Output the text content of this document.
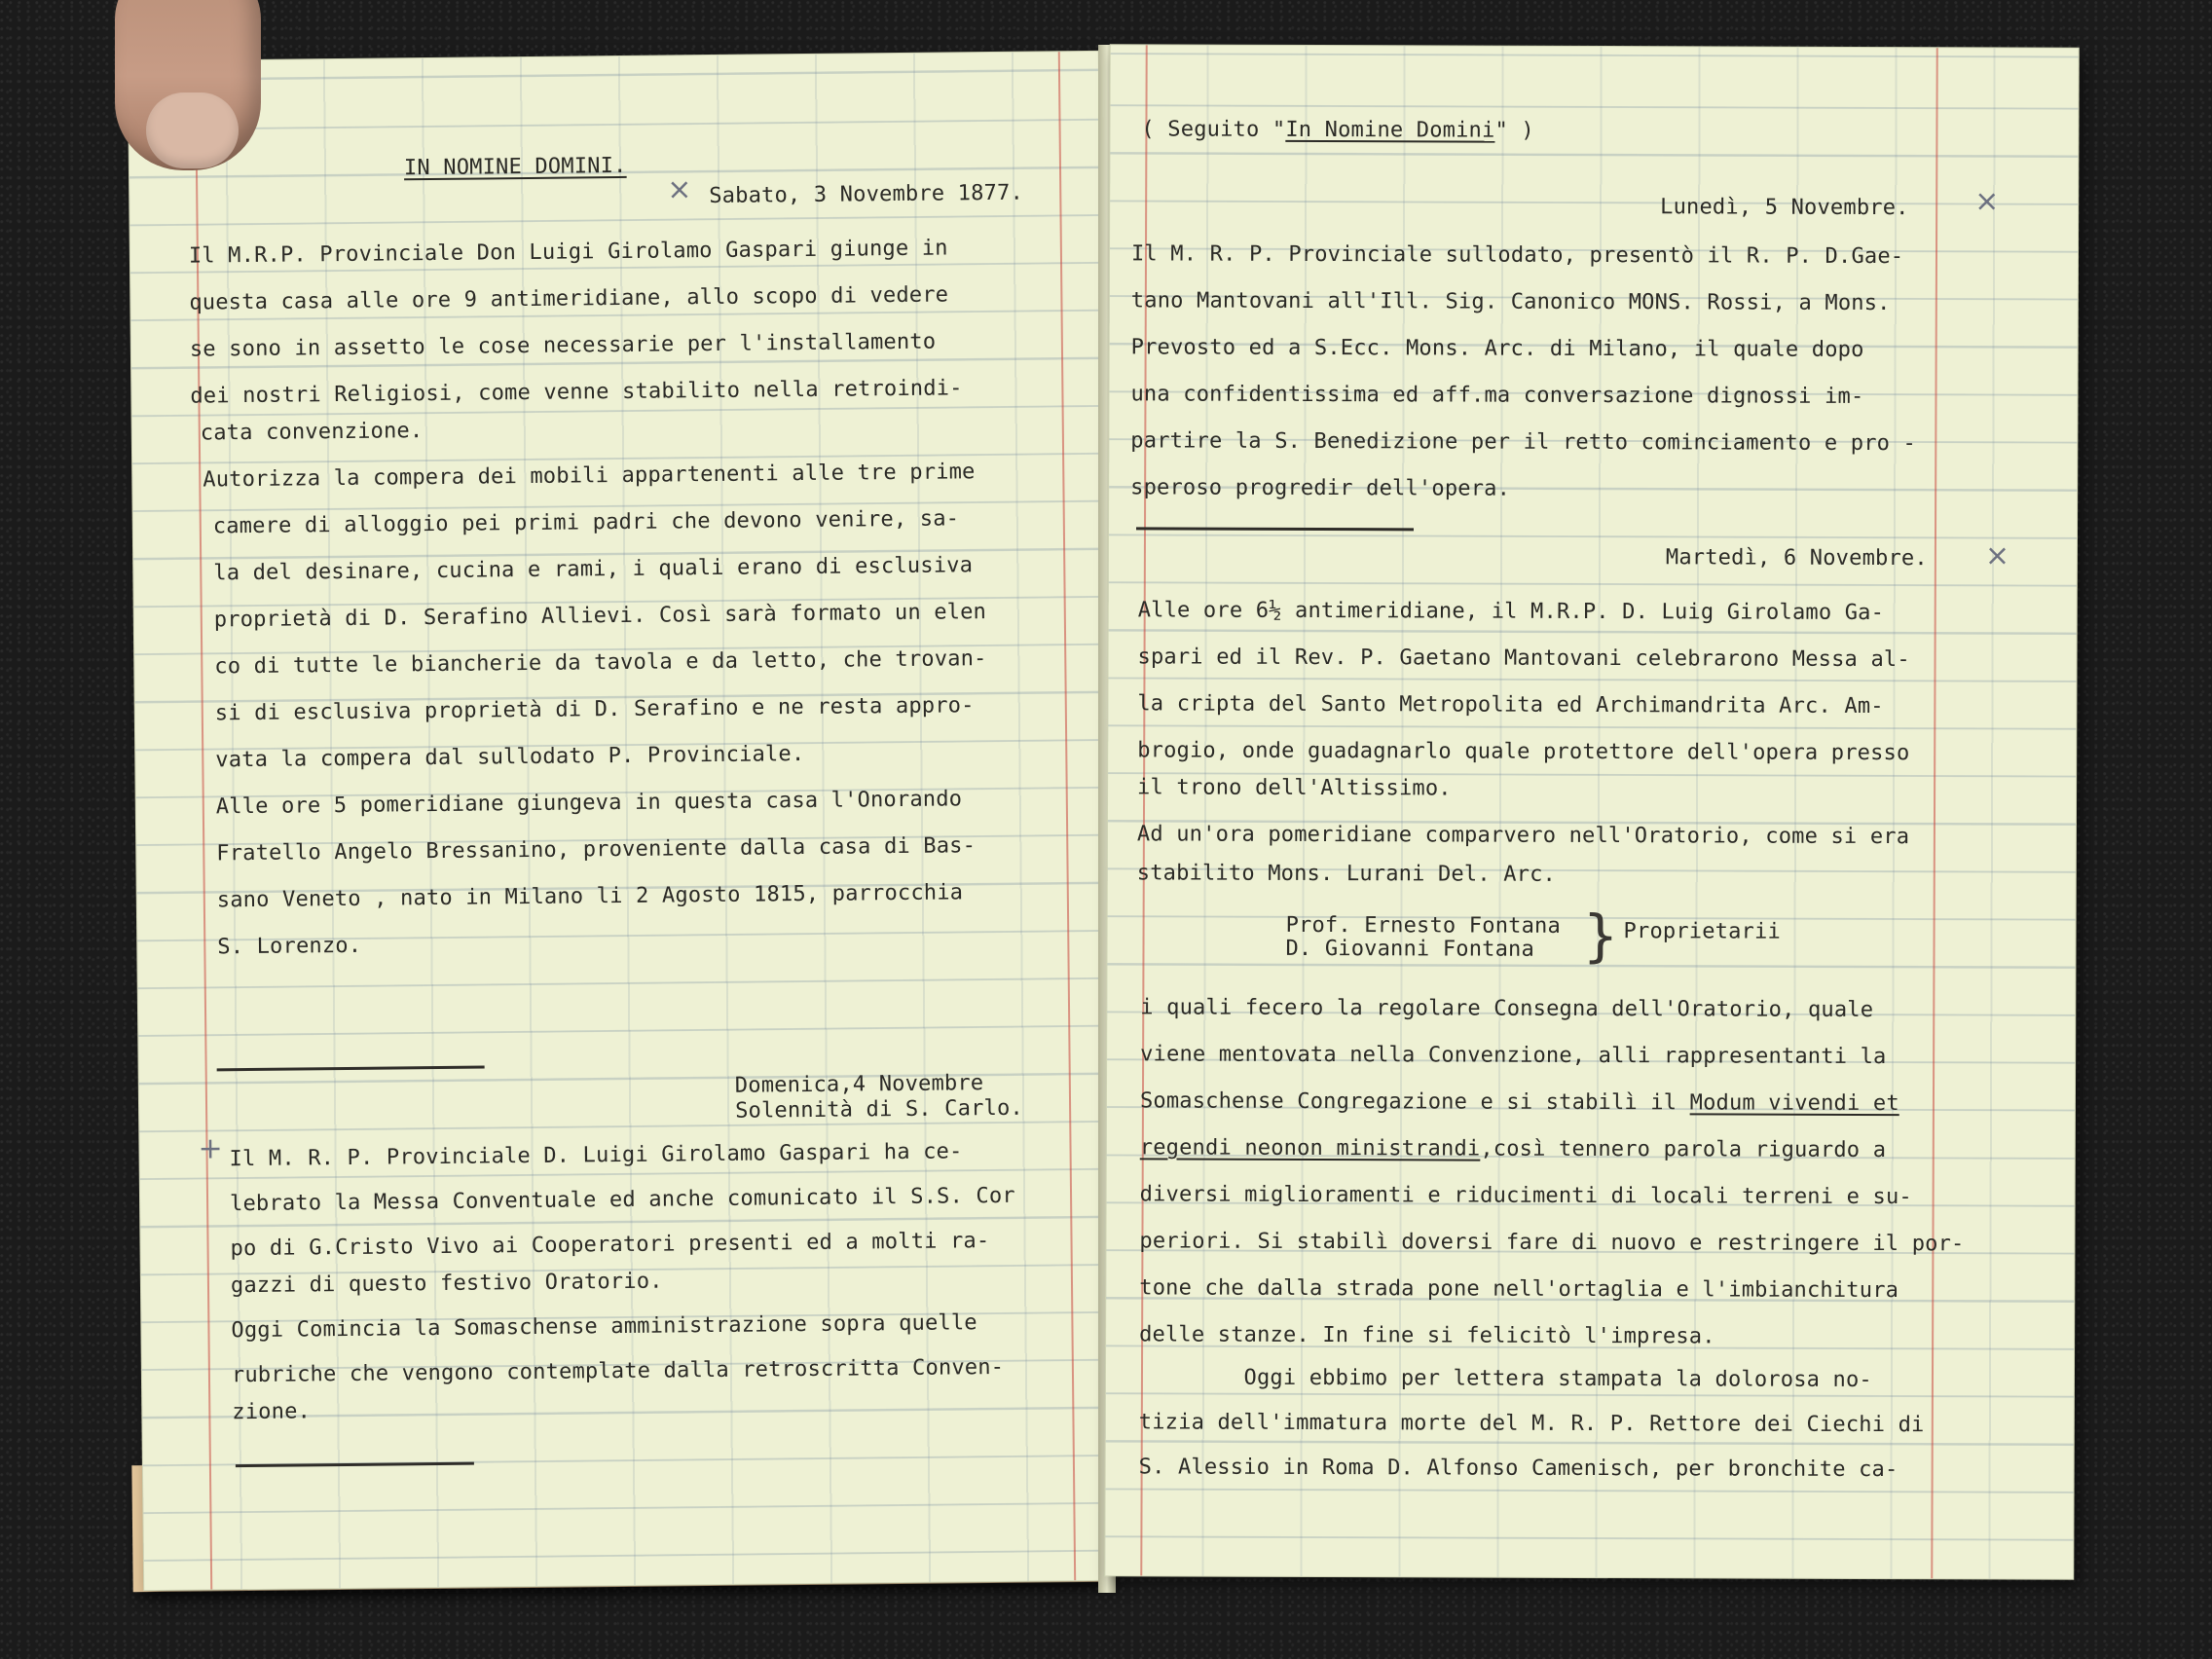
IN NOMINE DOMINI.
× Sabato, 3 Novembre 1877.
Il M.R.P. Provinciale Don Luigi Girolamo Gaspari giunge in
questa casa alle ore 9 antimeridiane, allo scopo di vedere
se sono in assetto le cose necessarie per l'installamento
dei nostri Religiosi, come venne stabilito nella retroindi-
cata convenzione.
Autorizza la compera dei mobili appartenenti alle tre prime
camere di alloggio pei primi padri che devono venire, sa-
la del desinare, cucina e rami, i quali erano di esclusiva
proprietà di D. Serafino Allievi. Così sarà formato un elen
co di tutte le biancherie da tavola e da letto, che trovan-
si di esclusiva proprietà di D. Serafino e ne resta appro-
vata la compera dal sullodato P. Provinciale.
Alle ore 5 pomeridiane giungeva in questa casa l'Onorando
Fratello Angelo Bressanino, proveniente dalla casa di Bas-
sano Veneto , nato in Milano li 2 Agosto 1815, parrocchia
S. Lorenzo.
Domenica,4 Novembre
Solennità di S. Carlo.
+ Il M. R. P. Provinciale D. Luigi Girolamo Gaspari ha ce-
lebrato la Messa Conventuale ed anche comunicato il S.S. Cor
po di G.Cristo Vivo ai Cooperatori presenti ed a molti ra-
gazzi di questo festivo Oratorio.
Oggi Comincia la Somaschense amministrazione sopra quelle
rubriche che vengono contemplate dalla retroscritta Conven-
zione.
( Seguito "In Nomine Domini" )
Lunedì, 5 Novembre. ×
Il M. R. P. Provinciale sullodato, presentò il R. P. D.Gae-
tano Mantovani all'Ill. Sig. Canonico MONS. Rossi, a Mons.
Prevosto ed a S.Ecc. Mons. Arc. di Milano, il quale dopo
una confidentissima ed aff.ma conversazione dignossi im-
partire la S. Benedizione per il retto cominciamento e pro -
speroso progredir dell'opera.
Martedì, 6 Novembre. ×
Alle ore 6½ antimeridiane, il M.R.P. D. Luig Girolamo Ga-
spari ed il Rev. P. Gaetano Mantovani celebrarono Messa al-
la cripta del Santo Metropolita ed Archimandrita Arc. Am-
brogio, onde guadagnarlo quale protettore dell'opera presso
il trono dell'Altissimo.
Ad un'ora pomeridiane comparvero nell'Oratorio, come si era
stabilito Mons. Lurani Del. Arc.
Prof. Ernesto Fontana
D. Giovanni Fontana } Proprietarii
i quali fecero la regolare Consegna dell'Oratorio, quale
viene mentovata nella Convenzione, alli rappresentanti la
Somaschense Congregazione e si stabilì il Modum vivendi et
regendi neonon ministrandi,così tennero parola riguardo a
diversi miglioramenti e riducimenti di locali terreni e su-
periori. Si stabilì doversi fare di nuovo e restringere il por-
tone che dalla strada pone nell'ortaglia e l'imbianchitura
delle stanze. In fine si felicitò l'impresa.
Oggi ebbimo per lettera stampata la dolorosa no-
tizia dell'immatura morte del M. R. P. Rettore dei Ciechi di
S. Alessio in Roma D. Alfonso Camenisch, per bronchite ca-
